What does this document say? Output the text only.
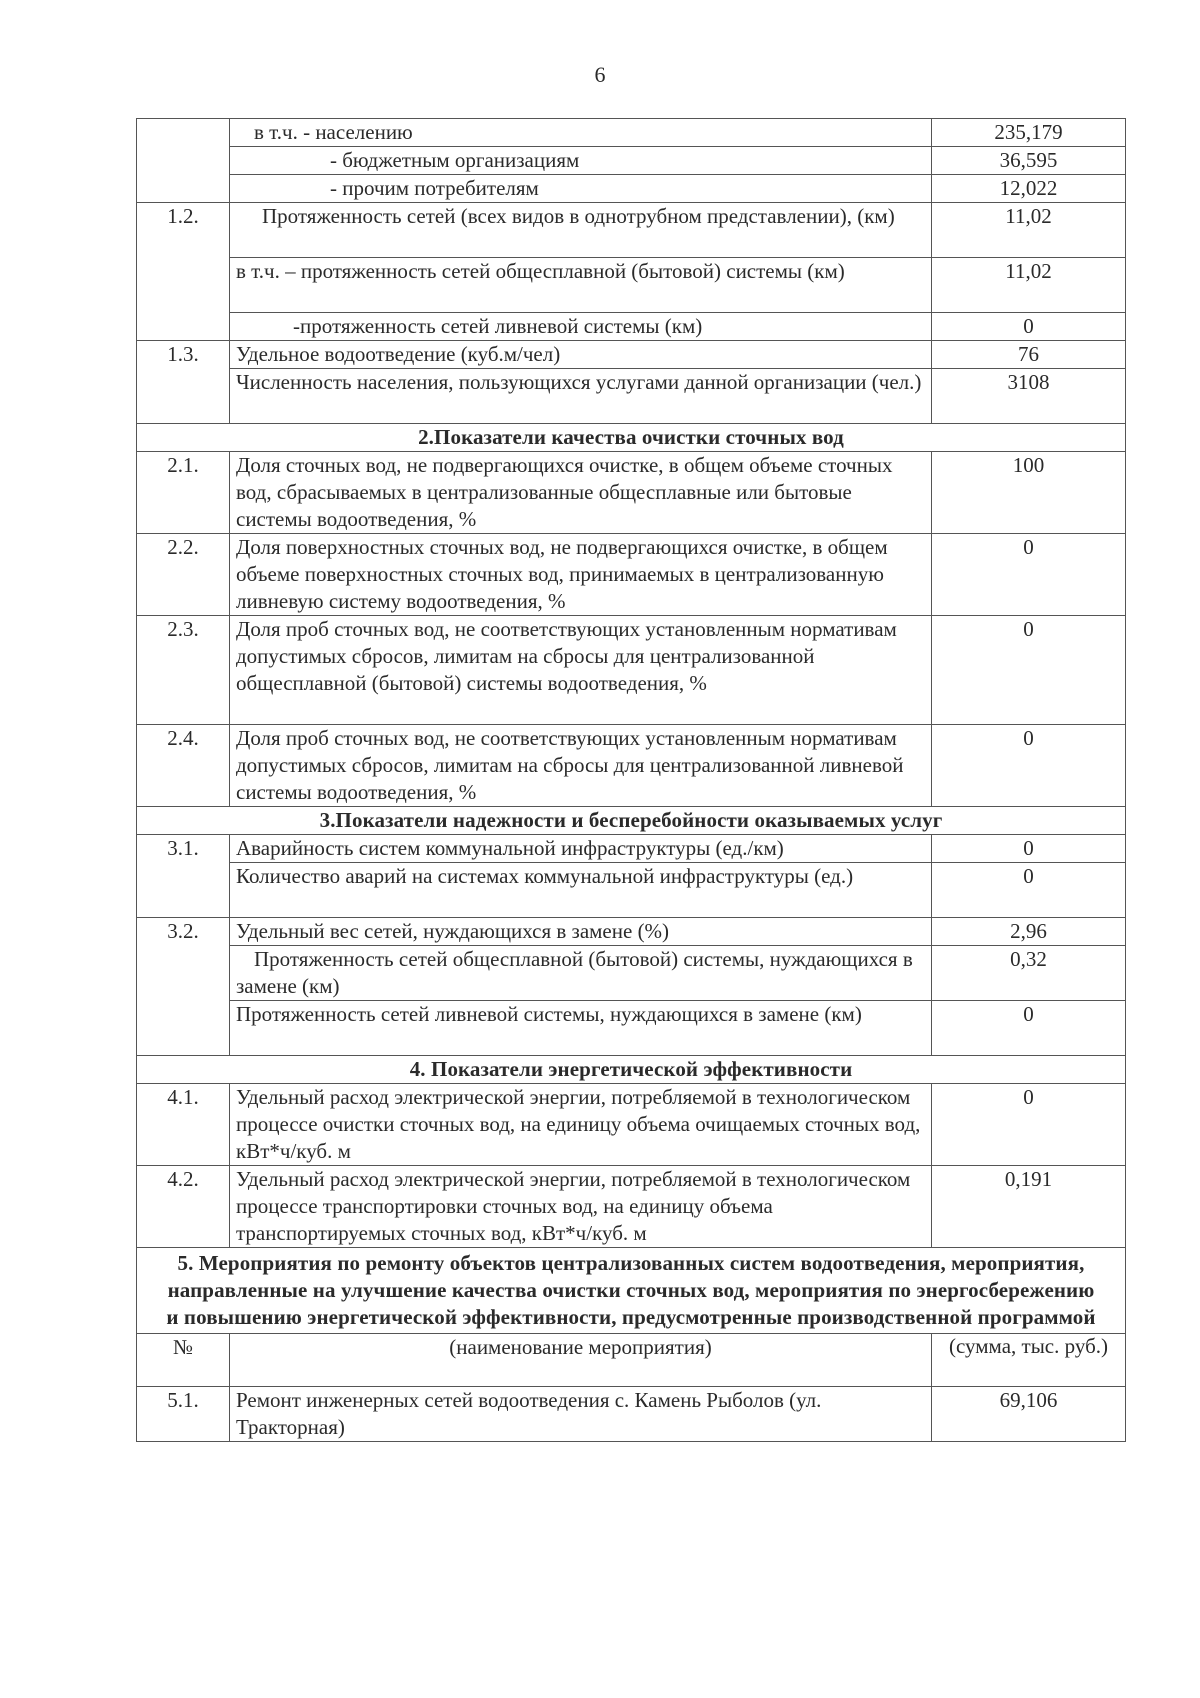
6
	в т.ч. - населению	235,179
	- бюджетным организациям	36,595
	- прочим потребителям	12,022
1.2.	Протяженность сетей (всех видов в однотрубном представлении), (км)	11,02
	в т.ч. – протяженность сетей общесплавной (бытовой) системы (км)	11,02
	-протяженность сетей ливневой системы (км)	0
1.3.	Удельное водоотведение (куб.м/чел)	76
	Численность населения, пользующихся услугами данной организации (чел.)	3108
2.Показатели качества очистки сточных вод		
2.1.	Доля сточных вод, не подвергающихся очистке, в общем объеме сточных вод, сбрасываемых в централизованные общесплавные или бытовые системы водоотведения, %	100
2.2.	Доля поверхностных сточных вод, не подвергающихся очистке, в общем объеме поверхностных сточных вод, принимаемых в централизованную ливневую систему водоотведения, %	0
2.3.	Доля проб сточных вод, не соответствующих установленным нормативам допустимых сбросов, лимитам на сбросы для централизованной общесплавной (бытовой) системы водоотведения, %	0
2.4.	Доля проб сточных вод, не соответствующих установленным нормативам допустимых сбросов, лимитам на сбросы для централизованной ливневой системы водоотведения, %	0
3.Показатели надежности и бесперебойности оказываемых услуг		
3.1.	Аварийность систем коммунальной инфраструктуры (ед./км)	0
	Количество аварий на системах коммунальной инфраструктуры (ед.)	0
3.2.	Удельный вес сетей, нуждающихся в замене (%)	2,96
	Протяженность сетей общесплавной (бытовой) системы, нуждающихся в замене (км)	0,32
	Протяженность сетей ливневой системы, нуждающихся в замене (км)	0
4. Показатели энергетической эффективности		
4.1.	Удельный расход электрической энергии, потребляемой в технологическом процессе очистки сточных вод, на единицу объема очищаемых сточных вод, кВт*ч/куб. м	0
4.2.	Удельный расход электрической энергии, потребляемой в технологическом процессе транспортировки сточных вод, на единицу объема транспортируемых сточных вод, кВт*ч/куб. м	0,191
5. Мероприятия по ремонту объектов централизованных систем водоотведения, мероприятия, направленные на улучшение качества очистки сточных вод, мероприятия по энергосбережению и повышению энергетической эффективности, предусмотренные производственной программой		
№	(наименование мероприятия)	(сумма, тыс. руб.)
5.1.	Ремонт инженерных сетей водоотведения с. Камень Рыболов (ул. Тракторная)	69,106
